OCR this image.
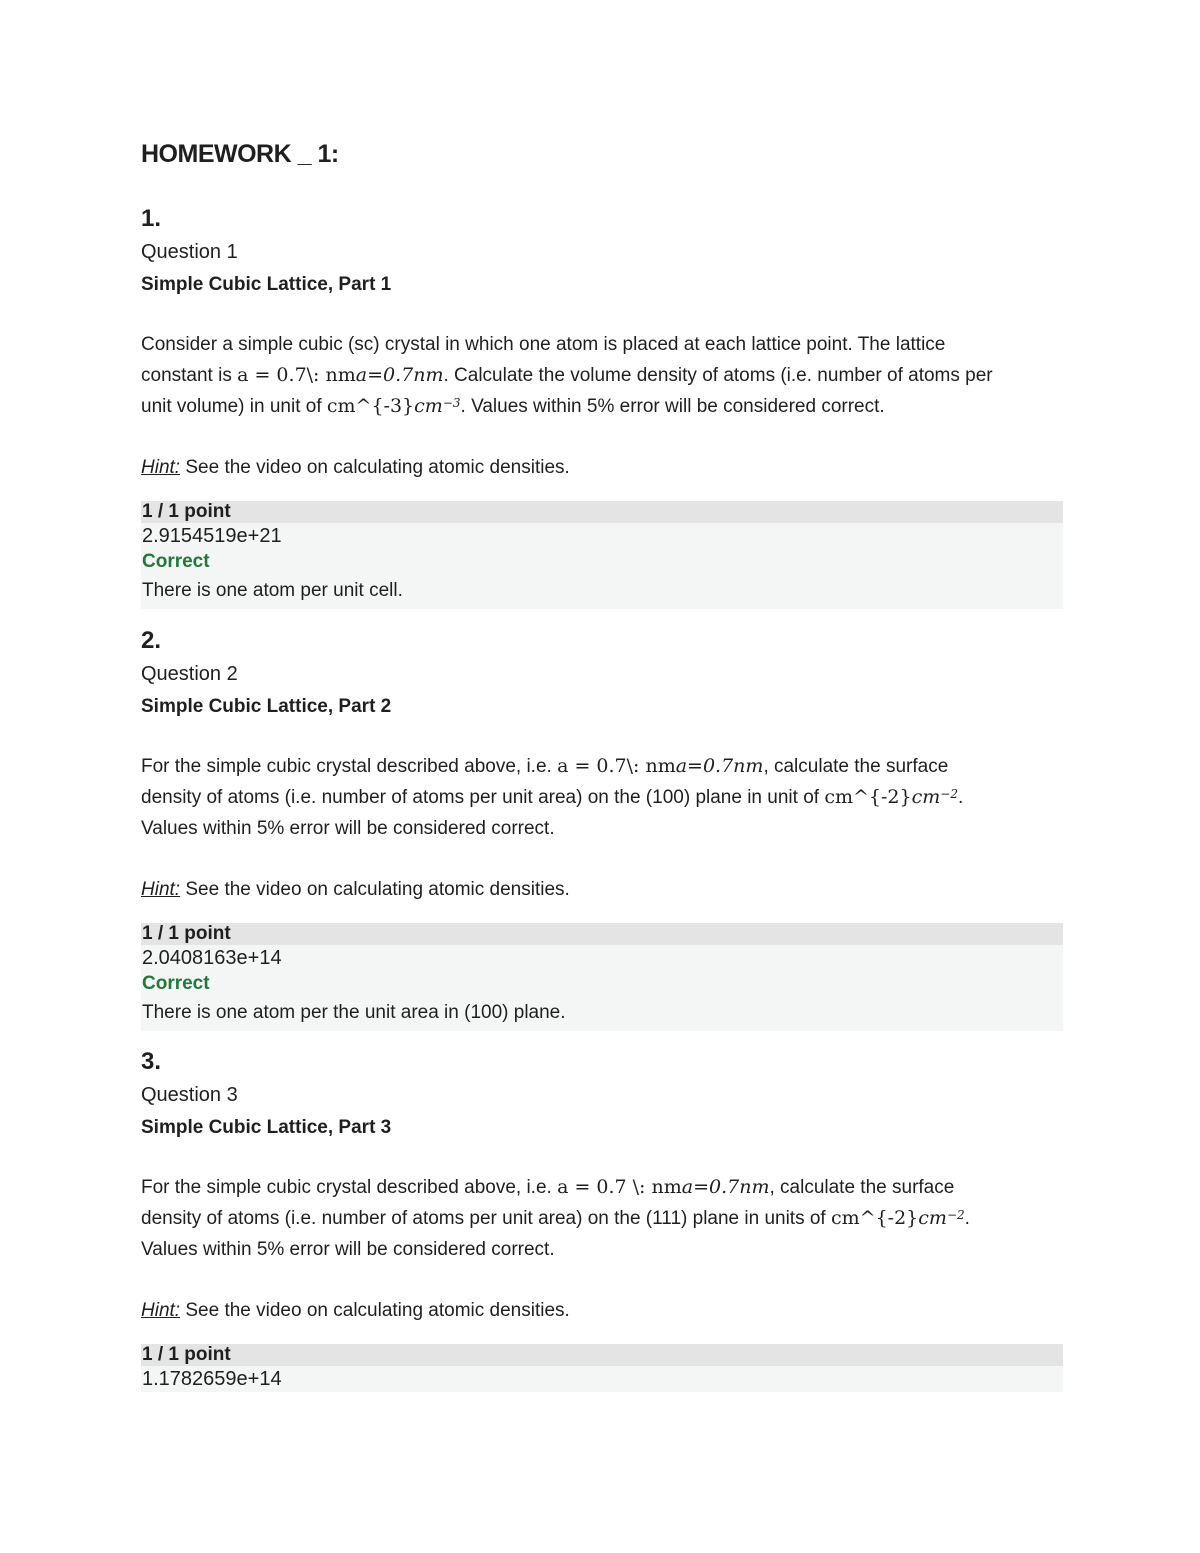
HOMEWORK _ 1:
1.
Question 1
Simple Cubic Lattice, Part 1
Consider a simple cubic (sc) crystal in which one atom is placed at each lattice point. The lattice
constant is a = 0.7\: nm𝑎=0.7𝑛𝑚. Calculate the volume density of atoms (i.e. number of atoms per
unit volume) in unit of cm^{-3}𝑐𝑚$^{-3}$. Values within 5% error will be considered correct.
Hint: See the video on calculating atomic densities.
1 / 1 point
2.9154519e+21
Correct
There is one atom per unit cell.
2.
Question 2
Simple Cubic Lattice, Part 2
For the simple cubic crystal described above, i.e. a = 0.7\: nm𝑎=0.7𝑛𝑚, calculate the surface
density of atoms (i.e. number of atoms per unit area) on the (100) plane in unit of cm^{-2}𝑐𝑚$^{-2}$.
Values within 5% error will be considered correct.
Hint: See the video on calculating atomic densities.
1 / 1 point
2.0408163e+14
Correct
There is one atom per the unit area in (100) plane.
3.
Question 3
Simple Cubic Lattice, Part 3
For the simple cubic crystal described above, i.e. a = 0.7 \: nm𝑎=0.7𝑛𝑚, calculate the surface
density of atoms (i.e. number of atoms per unit area) on the (111) plane in units of cm^{-2}𝑐𝑚$^{-2}$.
Values within 5% error will be considered correct.
Hint: See the video on calculating atomic densities.
1 / 1 point
1.1782659e+14
